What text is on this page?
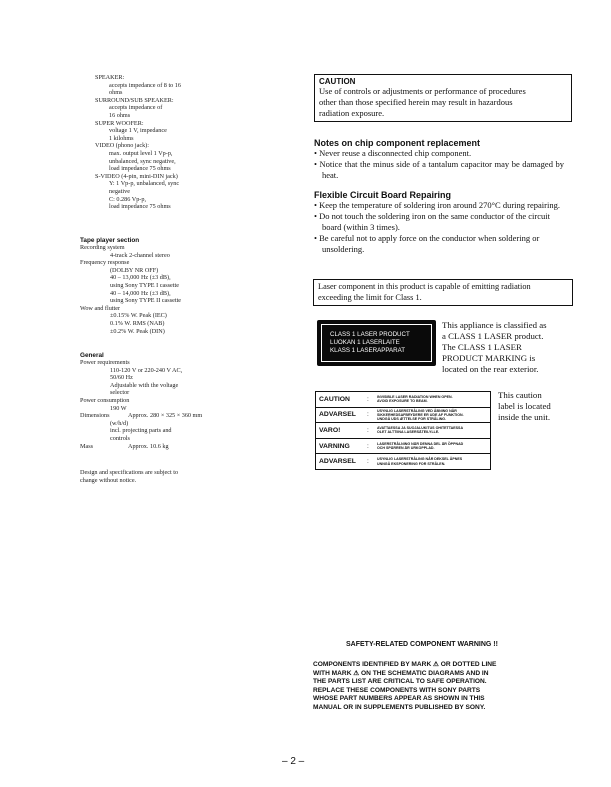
SPEAKER:
accepts impedance of 8 to 16
ohms
SURROUND/SUB SPEAKER:
accepts impedance of
16 ohms
SUPER WOOFER:
voltage 1 V, impedance
1 kilohms
VIDEO (phono jack):
max. output level 1 Vp-p,
unbalanced, sync negative,
load impedance 75 ohms
S-VIDEO (4-pin, mini-DIN jack)
Y: 1 Vp-p, unbalanced, sync
negative
C: 0.286 Vp-p,
load impedance 75 ohms
Tape player section
Recording system
4-track 2-channel stereo
Frequency response
(DOLBY NR OFF)
40 – 13,000 Hz (±3 dB),
using Sony TYPE I cassette
40 – 14,000 Hz (±3 dB),
using Sony TYPE II cassette
Wow and flutter
±0.15% W. Peak (IEC)
0.1% W. RMS (NAB)
±0.2% W. Peak (DIN)
General
Power requirements
110-120 V or 220-240 V AC,
50/60 Hz
Adjustable with the voltage
selector
Power consumption
190 W
Dimensions	Approx. 280 × 325 × 360 mm
(w/h/d)
incl. projecting parts and
controls
Mass	Approx. 10.6 kg
Design and specifications are subject to
change without notice.
CAUTION
Use of controls or adjustments or performance of procedures
other than those specified herein may result in hazardous
radiation exposure.
Notes on chip component replacement
• Never reuse a disconnected chip component.
• Notice that the minus side of a tantalum capacitor may be damaged by heat.
Flexible Circuit Board Repairing
• Keep the temperature of soldering iron around 270°C during repairing.
• Do not touch the soldering iron on the same conductor of the circuit board (within 3 times).
• Be careful not to apply force on the conductor when soldering or unsoldering.
Laser component in this product is capable of emitting radiation
exceeding the limit for Class 1.
CLASS 1 LASER PRODUCT
LUOKAN 1 LASERLAITE
KLASS 1 LASERAPPARAT
This appliance is classified as
a CLASS 1 LASER product.
The CLASS 1 LASER
PRODUCT MARKING is
located on the rear exterior.
CAUTION	:	INVISIBLE LASER RADIATION WHEN OPEN.
AVOID EXPOSURE TO BEAM.
ADVARSEL	:
USYNLIG LASERSTRÅLING VED ÅBNING NÅR
SIKKERHEDSAFBRYDERE ER UDE AF FUNKTION.
UNDGÅ UDS ÆTTELSE FOR STRÅLING.
VARO!	:	AVATTAESSA JA SUOJALUKITUS OHITETTAESSA
OLET ALTTIINA LASERSÄTEILYLLE.
VARNING	:	LASERSTRÅLNING NÄR DENNA DEL ÄR ÖPPNAD
OCH SPÄRREN ÄR URKOPPLAD.
ADVARSEL	:	USYNLIG LASERSTRÅLING NÅR DEKSEL ÅPNES
UNNGÅ EKSPONERING FOR STRÅLEN.
This caution
label is located
inside the unit.
SAFETY-RELATED COMPONENT WARNING !!
COMPONENTS IDENTIFIED BY MARK ⚠ OR DOTTED LINE
WITH MARK ⚠ ON THE SCHEMATIC DIAGRAMS AND IN
THE PARTS LIST ARE CRITICAL TO SAFE OPERATION.
REPLACE THESE COMPONENTS WITH SONY PARTS
WHOSE PART NUMBERS APPEAR AS SHOWN IN THIS
MANUAL OR IN SUPPLEMENTS PUBLISHED BY SONY.
– 2 –
